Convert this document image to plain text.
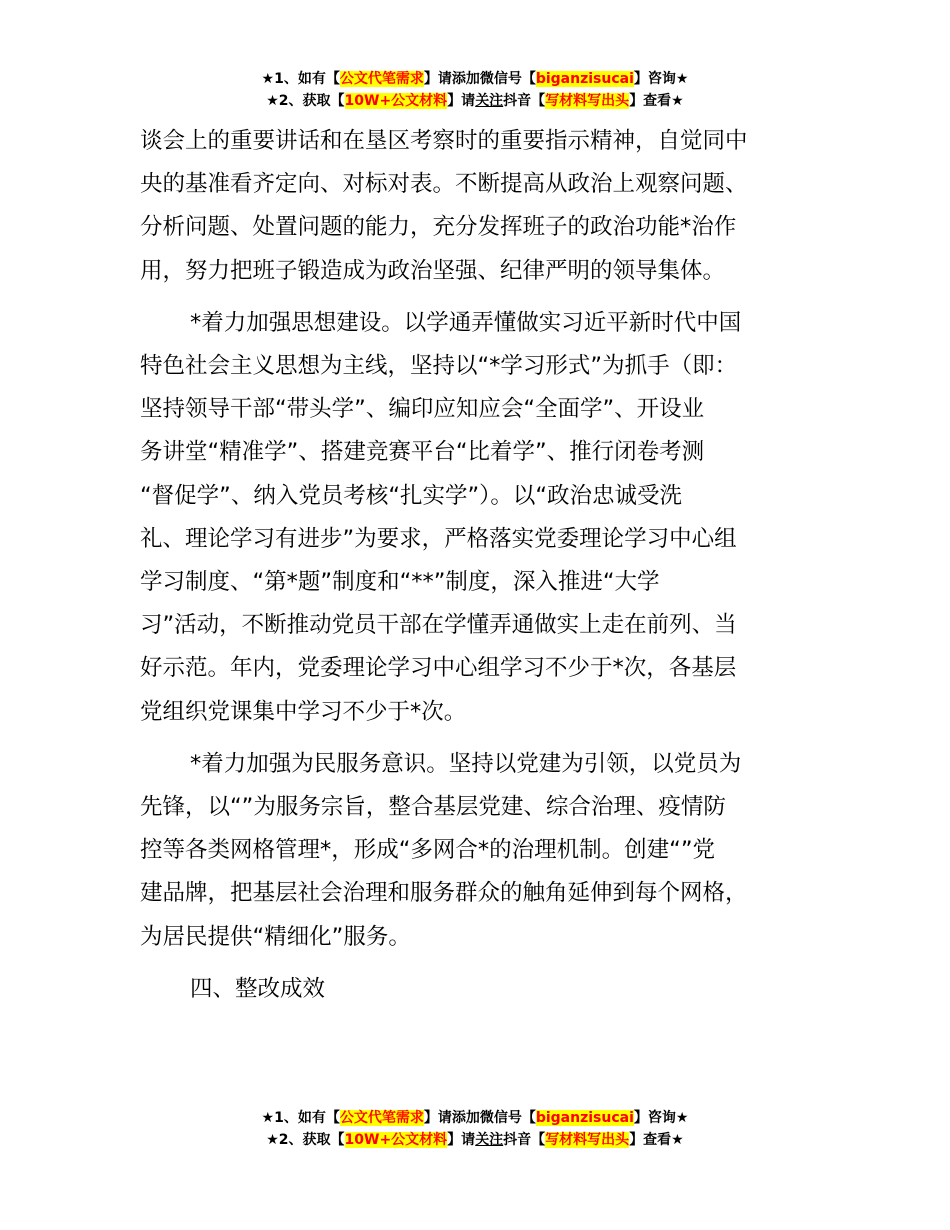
★1、如有【公文代笔需求】请添加微信号【biganzisucai】咨询★
★2、获取【10W+公文材料】请关注抖音【写材料写出头】查看★
谈会上的重要讲话和在垦区考察时的重要指示精神，自觉同中
央的基准看齐定向、对标对表。不断提高从政治上观察问题、
分析问题、处置问题的能力，充分发挥班子的政治功能*治作
用，努力把班子锻造成为政治坚强、纪律严明的领导集体。
*着力加强思想建设。以学通弄懂做实习近平新时代中国
特色社会主义思想为主线，坚持以“*学习形式”为抓手（即：
坚持领导干部“带头学”、编印应知应会“全面学”、开设业
务讲堂“精准学”、搭建竞赛平台“比着学”、推行闭卷考测
“督促学”、纳入党员考核“扎实学”）。以“政治忠诚受洗
礼、理论学习有进步”为要求，严格落实党委理论学习中心组
学习制度、“第*题”制度和“**”制度，深入推进“大学
习”活动，不断推动党员干部在学懂弄通做实上走在前列、当
好示范。年内，党委理论学习中心组学习不少于*次，各基层
党组织党课集中学习不少于*次。
*着力加强为民服务意识。坚持以党建为引领，以党员为
先锋，以“”为服务宗旨，整合基层党建、综合治理、疫情防
控等各类网格管理*，形成“多网合*的治理机制。创建“”党
建品牌，把基层社会治理和服务群众的触角延伸到每个网格，
为居民提供“精细化”服务。
四、整改成效
★1、如有【公文代笔需求】请添加微信号【biganzisucai】咨询★
★2、获取【10W+公文材料】请关注抖音【写材料写出头】查看★
